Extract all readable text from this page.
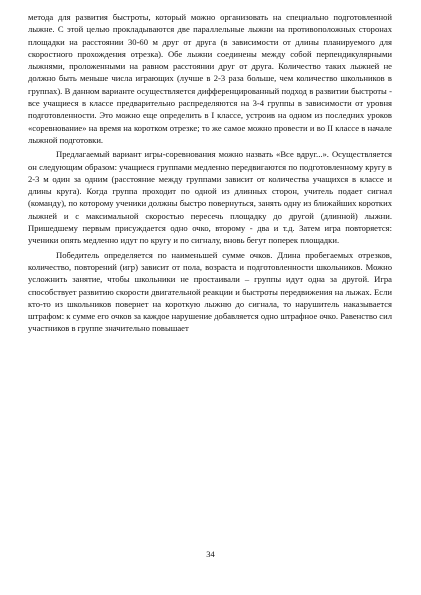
метода для развития быстроты, который можно организовать на специально подготовленной лыжне. С этой целью прокладываются две параллельные лыжни на противоположных сторонах площадки на расстоянии 30-60 м друг от друга (в зависимости от длины планируемого для скоростного прохождения отрезка). Обе лыжни соединены между собой перпендикулярными лыжнями, проложенными на равном расстоянии друг от друга. Количество таких лыжней не должно быть меньше числа играющих (лучше в 2-3 раза больше, чем количество школьников в группах). В данном варианте осуществляется дифференцированный подход в развитии быстроты - все учащиеся в классе предварительно распределяются на 3-4 группы в зависимости от уровня подготовленности. Это можно еще определить в I классе, устроив на одном из последних уроков «соревнование» на время на коротком отрезке; то же самое можно провести и во II классе в начале лыжной подготовки.

Предлагаемый вариант игры-соревнования можно назвать «Все вдруг...». Осуществляется он следующим образом: учащиеся группами медленно передвигаются по подготовленному кругу в 2-3 м один за одним (расстояние между группами зависит от количества учащихся в классе и длины круга). Когда группа проходит по одной из длинных сторон, учитель подает сигнал (команду), по которому ученики должны быстро повернуться, занять одну из ближайших коротких лыжней и с максимальной скоростью пересечь площадку до другой (длинной) лыжни. Пришедшему первым присуждается одно очко, второму - два и т.д. Затем игра повторяется: ученики опять медленно идут по кругу и по сигналу, вновь бегут поперек площадки.

Победитель определяется по наименьшей сумме очков. Длина пробегаемых отрезков, количество, повторений (игр) зависит от пола, возраста и подготовленности школьников. Можно усложнить занятие, чтобы школьники не простаивали – группы идут одна за другой. Игра способствует развитию скорости двигательной реакции и быстроты передвижения на лыжах. Если кто-то из школьников повернет на короткую лыжню до сигнала, то нарушитель наказывается штрафом: к сумме его очков за каждое нарушение добавляется одно штрафное очко. Равенство сил участников в группе значительно повышает

34
